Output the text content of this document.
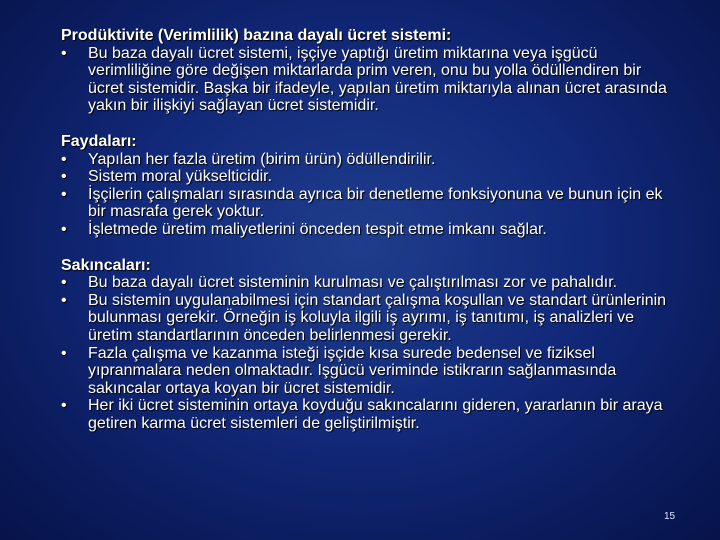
Prodüktivite (Verimlilik) bazına dayalı ücret sistemi:
•	Bu baza dayalı ücret sistemi, işçiye yaptığı üretim miktarına veya işgücü verimliliğine göre değişen miktarlarda prim veren, onu bu yolla ödüllendiren bir ücret sistemidir. Başka bir ifadeyle, yapılan üretim miktarıyla alınan ücret arasında yakın bir ilişkiyi sağlayan ücret sistemidir.
Faydaları:
•	Yapılan her fazla üretim (birim ürün) ödüllendirilir.
•	Sistem moral yükselticidir.
•	İşçilerin çalışmaları sırasında ayrıca bir denetleme fonksiyonuna ve bunun için ek bir masrafa gerek yoktur.
•	İşletmede üretim maliyetlerini önceden tespit etme imkanı sağlar.
Sakıncaları:
•	Bu baza dayalı ücret sisteminin kurulması ve çalıştırılması zor ve pahalıdır.
•	Bu sistemin uygulanabilmesi için standart çalışma koşullan ve standart ürünlerinin bulunması gerekir. Örneğin iş koluyla ilgili iş ayrımı, iş tanıtımı, iş analizleri ve üretim standartlarının önceden belirlenmesi gerekir.
•	Fazla çalışma ve kazanma isteği işçide kısa surede bedensel ve fiziksel yıpranmalara neden olmaktadır. Işgücü veriminde istikrarın sağlanmasında sakıncalar ortaya koyan bir ücret sistemidir.
•	Her iki ücret sisteminin ortaya koyduğu sakıncalarını gideren, yararlanın bir araya getiren karma ücret sistemleri de geliştirilmiştir.
15
